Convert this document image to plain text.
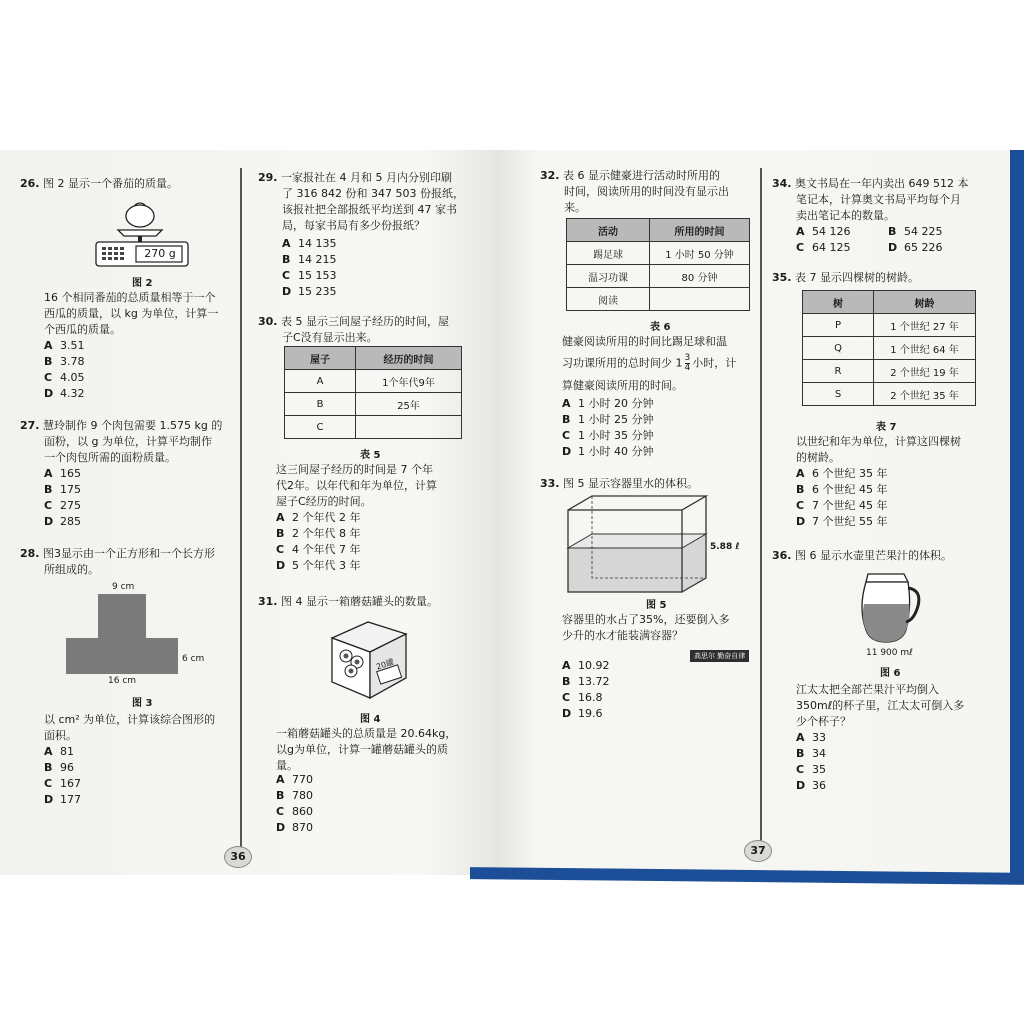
26. 图 2 显示一个番茄的质量。
270 g
图 2
16 个相同番茄的总质量相等于一个
西瓜的质量，以 kg 为单位，计算一
个西瓜的质量。
A 3.51
B 3.78
C 4.05
D 4.32
27. 慧玲制作 9 个肉包需要 1.575 kg 的
面粉，以 g 为单位，计算平均制作
一个肉包所需的面粉质量。
A 165
B 175
C 275
D 285
28. 图3显示由一个正方形和一个长方形
所组成的。
9 cm
6 cm
16 cm
图 3
以 cm² 为单位，计算该综合图形的
面积。
A 81
B 96
C 167
D 177
29. 一家报社在 4 月和 5 月内分别印刷
了 316 842 份和 347 503 份报纸，
该报社把全部报纸平均送到 47 家书
局，每家书局有多少份报纸？
A 14 135
B 14 215
C 15 153
D 15 235
30. 表 5 显示三间屋子经历的时间，屋
子C没有显示出来。
屋子	经历的时间
A	1个年代9年
B	25年
C	
表 5
这三间屋子经历的时间是 7 个年
代2年。以年代和年为单位，计算
屋子C经历的时间。
A 2 个年代 2 年
B 2 个年代 8 年
C 4 个年代 7 年
D 5 个年代 3 年
31. 图 4 显示一箱蘑菇罐头的数量。
20罐
图 4
一箱蘑菇罐头的总质量是 20.64kg，
以g为单位，计算一罐蘑菇罐头的质
量。
A 770
B 780
C 860
D 870
36
32. 表 6 显示健豪进行活动时所用的
时间，阅读所用的时间没有显示出
来。
活动	所用的时间
踢足球	1 小时 50 分钟
温习功课	80 分钟
阅读	
表 6
健豪阅读所用的时间比踢足球和温
习功课所用的总时间少 $1 \frac{3}{4}$ 小时，计
算健豪阅读所用的时间。
A 1 小时 20 分钟
B 1 小时 25 分钟
C 1 小时 35 分钟
D 1 小时 40 分钟
33. 图 5 显示容器里水的体积。
5.88 ℓ
图 5
容器里的水占了35%，还要倒入多
少升的水才能装满容器？
高思尔 勤奋自律
A 10.92
B 13.72
C 16.8
D 19.6
34. 奥文书局在一年内卖出 649 512 本
笔记本，计算奥文书局平均每个月
卖出笔记本的数量。
A 54 126	B 54 225
C 64 125	D 65 226
35. 表 7 显示四棵树的树龄。
树	树龄
P	1 个世纪 27 年
Q	1 个世纪 64 年
R	2 个世纪 19 年
S	2 个世纪 35 年
表 7
以世纪和年为单位，计算这四棵树
的树龄。
A 6 个世纪 35 年
B 6 个世纪 45 年
C 7 个世纪 45 年
D 7 个世纪 55 年
36. 图 6 显示水壶里芒果汁的体积。
11 900 mℓ
图 6
江太太把全部芒果汁平均倒入
350mℓ的杯子里，江太太可倒入多
少个杯子？
A 33
B 34
C 35
D 36
37
